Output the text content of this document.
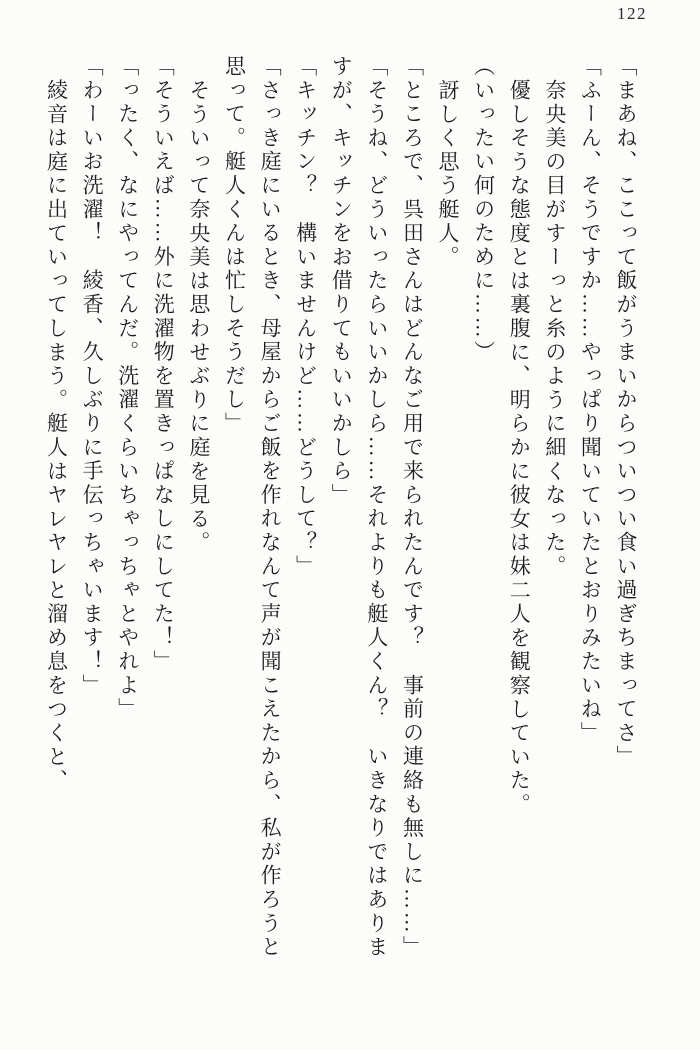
122
「まあね、ここって飯がうまいからついつい食い過ぎちまってさ」
「ふーん、そうですか……やっぱり聞いていたとおりみたいね」
奈央美の目がすーっと糸のように細くなった。
優しそうな態度とは裏腹に、明らかに彼女は妹二人を観察していた。
（いったい何のために……）
訝しく思う艇人。
「ところで、呉田さんはどんなご用で来られたんです？　事前の連絡も無しに……」
「そうね、どういったらいいかしら……それよりも艇人くん？　いきなりではありま
すが、キッチンをお借りてもいいかしら」
「キッチン？　構いませんけど……どうして？」
「さっき庭にいるとき、母屋からご飯を作れなんて声が聞こえたから、私が作ろうと
思って。艇人くんは忙しそうだし」
そういって奈央美は思わせぶりに庭を見る。
「そういえば……外に洗濯物を置きっぱなしにしてた！」
「ったく、なにやってんだ。洗濯くらいちゃっちゃとやれよ」
「わーいお洗濯！　綾香、久しぶりに手伝っちゃいます！」
綾音は庭に出ていってしまう。艇人はヤレヤレと溜め息をつくと、
